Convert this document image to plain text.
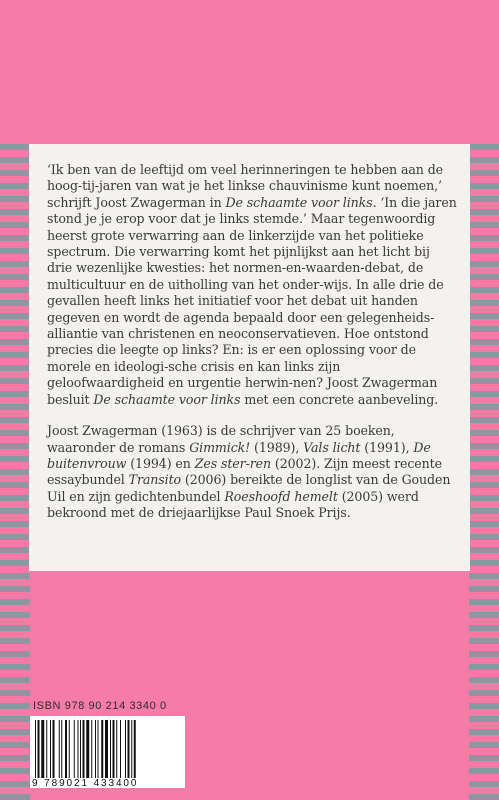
‘Ik ben van de leeftijd om veel herinneringen te hebben aan de hoog-tij-jaren van wat je het linkse chauvinisme kunt noemen,’ schrijft Joost Zwagerman in De schaamte voor links. ‘In die jaren stond je je erop voor dat je links stemde.’ Maar tegenwoordig heerst grote verwarring aan de linkerzijde van het politieke spectrum. Die verwarring komt het pijnlijkst aan het licht bij drie wezenlijke kwesties: het normen-en-waarden-debat, de multicultuur en de uitholling van het onder-wijs. In alle drie de gevallen heeft links het initiatief voor het debat uit handen gegeven en wordt de agenda bepaald door een gelegenheids-alliantie van christenen en neoconservatieven. Hoe ontstond precies die leegte op links? En: is er een oplossing voor de morele en ideologi-sche crisis en kan links zijn geloofwaardigheid en urgentie herwin-nen? Joost Zwagerman besluit De schaamte voor links met een concrete aanbeveling.

Joost Zwagerman (1963) is de schrijver van 25 boeken, waaronder de romans Gimmick! (1989), Vals licht (1991), De buitenvrouw (1994) en Zes ster-ren (2002). Zijn meest recente essaybundel Transito (2006) bereikte de longlist van de Gouden Uil en zijn gedichtenbundel Roeshoofd hemelt (2005) werd bekroond met de driejaarlijkse Paul Snoek Prijs.

ISBN 978 90 214 3340 0
9 789021 433400
